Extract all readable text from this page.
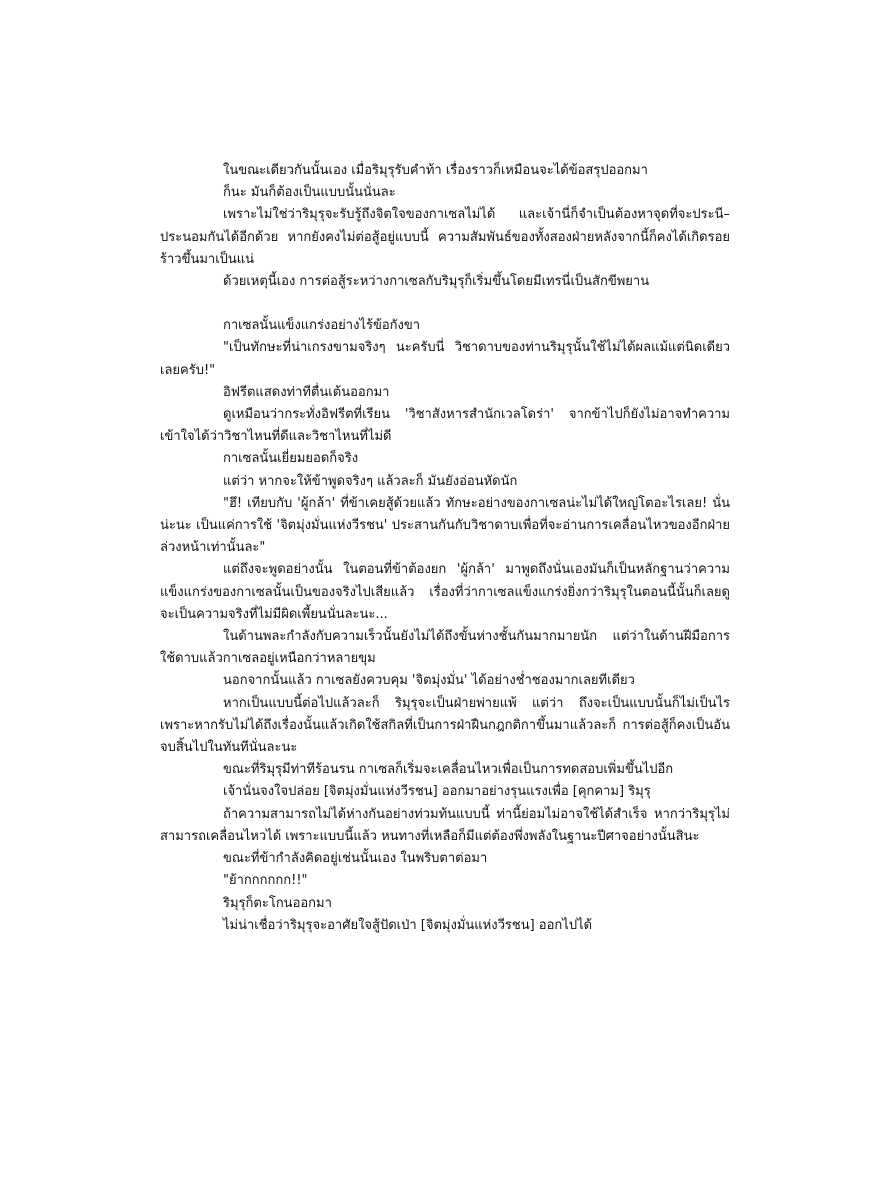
ในขณะเดียวกันนั้นเอง เมื่อริมุรุรับคำท้า เรื่องราวก็เหมือนจะได้ข้อสรุปออกมา

ก็นะ มันก็ต้องเป็นแบบนั้นนั่นละ

เพราะไม่ใช่ว่าริมุรุจะรับรู้ถึงจิตใจของกาเซลไม่ได้ และเจ้านี่ก็จำเป็นต้องหาจุดที่จะประนี–ประนอมกันได้อีกด้วย หากยังคงไม่ต่อสู้อยู่แบบนี้ ความสัมพันธ์ของทั้งสองฝ่ายหลังจากนี้ก็คงได้เกิดรอยร้าวขึ้นมาเป็นแน่

ด้วยเหตุนี้เอง การต่อสู้ระหว่างกาเซลกับริมุรุก็เริ่มขึ้นโดยมีเทรนี่เป็นสักขีพยาน

กาเซลนั้นแข็งแกร่งอย่างไร้ข้อกังขา

"เป็นทักษะที่น่าเกรงขามจริงๆ นะครับนี่ วิชาดาบของท่านริมุรุนั้นใช้ไม่ได้ผลแม้แต่นิดเดียวเลยครับ!"

อิฟรีตแสดงท่าทีตื่นเต้นออกมา

ดูเหมือนว่ากระทั่งอิฟรีตที่เรียน 'วิชาสังหารสำนักเวลโดร่า' จากข้าไปก็ยังไม่อาจทำความเข้าใจได้ว่าวิชาไหนที่ดีและวิชาไหนที่ไม่ดี

กาเซลนั้นเยี่ยมยอดก็จริง

แต่ว่า หากจะให้ข้าพูดจริงๆ แล้วละก็ มันยังอ่อนหัดนัก

"ฮึ! เทียบกับ 'ผู้กล้า' ที่ข้าเคยสู้ด้วยแล้ว ทักษะอย่างของกาเซลน่ะไม่ได้ใหญ่โตอะไรเลย! นั่นน่ะนะ เป็นแค่การใช้ 'จิตมุ่งมั่นแห่งวีรชน' ประสานกันกับวิชาดาบเพื่อที่จะอ่านการเคลื่อนไหวของอีกฝ่ายล่วงหน้าเท่านั้นละ"

แต่ถึงจะพูดอย่างนั้น ในตอนที่ข้าต้องยก 'ผู้กล้า' มาพูดถึงนั่นเองมันก็เป็นหลักฐานว่าความแข็งแกร่งของกาเซลนั้นเป็นของจริงไปเสียแล้ว เรื่องที่ว่ากาเซลแข็งแกร่งยิ่งกว่าริมุรุในตอนนี้นั้นก็เลยดูจะเป็นความจริงที่ไม่มีผิดเพี้ยนนั่นละนะ...

ในด้านพละกำลังกับความเร็วนั้นยังไม่ได้ถึงขั้นห่างชั้นกันมากมายนัก แต่ว่าในด้านฝีมือการใช้ดาบแล้วกาเซลอยู่เหนือกว่าหลายขุม

นอกจากนั้นแล้ว กาเซลยังควบคุม 'จิตมุ่งมั่น' ได้อย่างช่ำชองมากเลยทีเดียว

หากเป็นแบบนี้ต่อไปแล้วละก็ ริมุรุจะเป็นฝ่ายพ่ายแพ้ แต่ว่า ถึงจะเป็นแบบนั้นก็ไม่เป็นไร เพราะหากรับไม่ได้ถึงเรื่องนั้นแล้วเกิดใช้สกิลที่เป็นการฝ่าฝืนกฎกติกาขึ้นมาแล้วละก็ การต่อสู้ก็คงเป็นอันจบสิ้นไปในทันทีนั่นละนะ

ขณะที่ริมุรุมีท่าทีร้อนรน กาเซลก็เริ่มจะเคลื่อนไหวเพื่อเป็นการทดสอบเพิ่มขึ้นไปอีก

เจ้านั่นจงใจปล่อย [จิตมุ่งมั่นแห่งวีรชน] ออกมาอย่างรุนแรงเพื่อ [คุกคาม] ริมุรุ

ถ้าความสามารถไม่ได้ห่างกันอย่างท่วมท้นแบบนี้ ท่านี้ย่อมไม่อาจใช้ได้สำเร็จ หากว่าริมุรุไม่สามารถเคลื่อนไหวได้ เพราะแบบนี้แล้ว หนทางที่เหลือก็มีแต่ต้องพึ่งพลังในฐานะปีศาจอย่างนั้นสินะ

ขณะที่ข้ากำลังคิดอยู่เช่นนั้นเอง ในพริบตาต่อมา

"ย้ากกกกกก!!"

ริมุรุก็ตะโกนออกมา

ไม่น่าเชื่อว่าริมุรุจะอาศัยใจสู้ปัดเป่า [จิตมุ่งมั่นแห่งวีรชน] ออกไปได้
